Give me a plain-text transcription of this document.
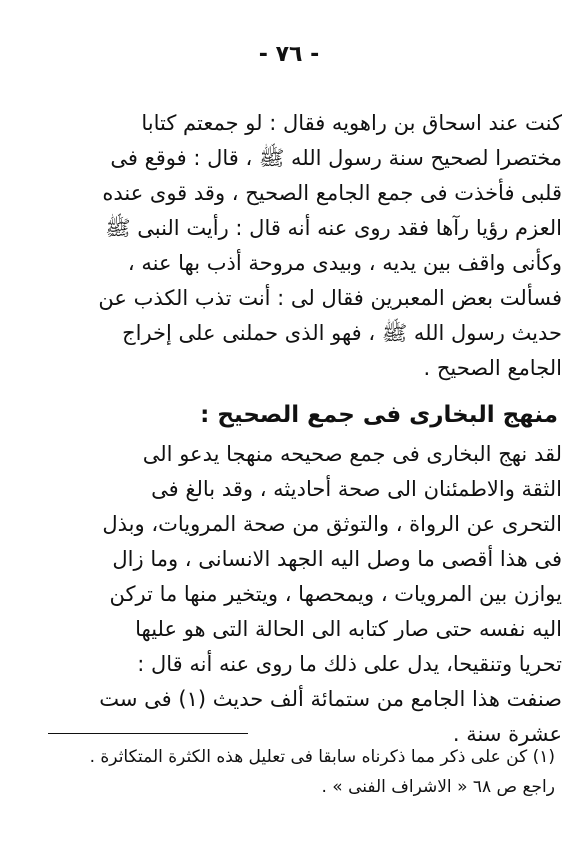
- ٧٦ -
كنت عند اسحاق بن راهويه فقال : لو جمعتم كتابا
مختصرا لصحيح سنة رسول الله ﷺ ، قال : فوقع فى
قلبى فأخذت فى جمع الجامع الصحيح ، وقد قوى عنده
العزم رؤيا رآها فقد روى عنه أنه قال : رأيت النبى ﷺ
وكأنى واقف بين يديه ، وبيدى مروحة أذب بها عنه ،
فسألت بعض المعبرين فقال لى : أنت تذب الكذب عن
حديث رسول الله ﷺ ، فهو الذى حملنى على إخراج
الجامع الصحيح .
منهج البخارى فى جمع الصحيح :
لقد نهج البخارى فى جمع صحيحه منهجا يدعو الى
الثقة والاطمئنان الى صحة أحاديثه ، وقد بالغ فى
التحرى عن الرواة ، والتوثق من صحة المرويات، وبذل
فى هذا أقصى ما وصل اليه الجهد الانسانى ، وما زال
يوازن بين المرويات ، ويمحصها ، ويتخير منها ما تركن
اليه نفسه حتى صار كتابه الى الحالة التى هو عليها
تحريا وتنقيحا، يدل على ذلك ما روى عنه أنه قال :
صنفت هذا الجامع من ستمائة ألف حديث (١) فى ست
عشرة سنة .
(١) كن على ذكر مما ذكرناه سابقا فى تعليل هذه الكثرة المتكاثرة .
راجع ص ٦٨ « الاشراف الفنى » .
